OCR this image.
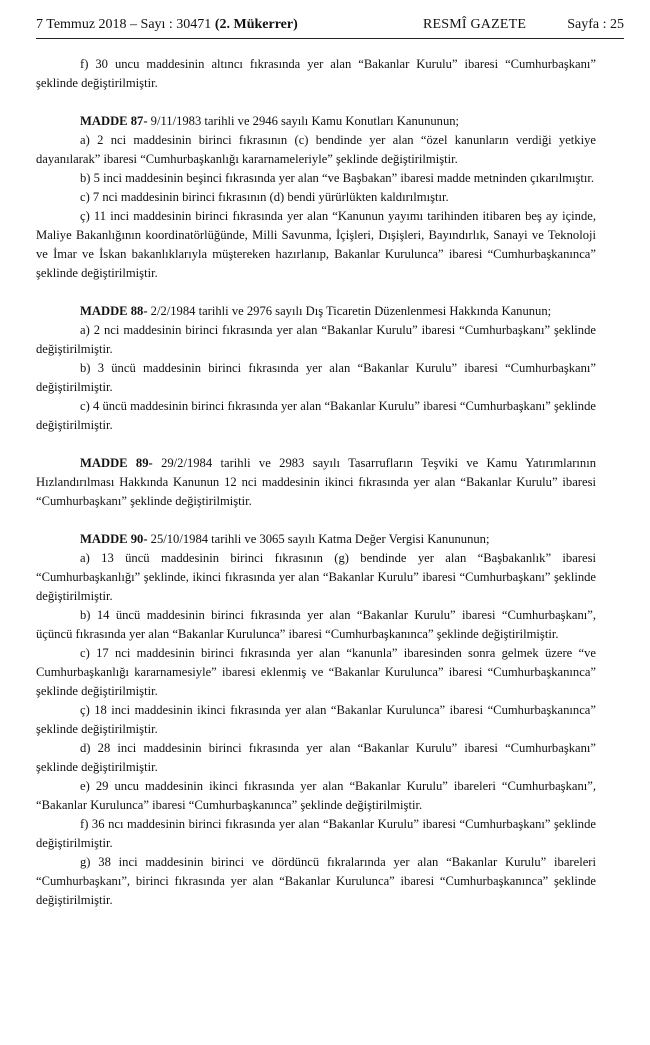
7 Temmuz 2018 – Sayı : 30471 (2. Mükerrer)	RESMÎ GAZETE	Sayfa : 25

f) 30 uncu maddesinin altıncı fıkrasında yer alan “Bakanlar Kurulu” ibaresi “Cumhurbaşkanı” şeklinde değiştirilmiştir.

MADDE 87- 9/11/1983 tarihli ve 2946 sayılı Kamu Konutları Kanununun;

a) 2 nci maddesinin birinci fıkrasının (c) bendinde yer alan “özel kanunların verdiği yetkiye dayanılarak” ibaresi “Cumhurbaşkanlığı kararnameleriyle” şeklinde değiştirilmiştir.

b) 5 inci maddesinin beşinci fıkrasında yer alan “ve Başbakan” ibaresi madde metninden çıkarılmıştır.

c) 7 nci maddesinin birinci fıkrasının (d) bendi yürürlükten kaldırılmıştır.

ç) 11 inci maddesinin birinci fıkrasında yer alan “Kanunun yayımı tarihinden itibaren beş ay içinde, Maliye Bakanlığının koordinatörlüğünde, Milli Savunma, İçişleri, Dışişleri, Bayındırlık, Sanayi ve Teknoloji ve İmar ve İskan bakanlıklarıyla müştereken hazırlanıp, Bakanlar Kurulunca” ibaresi “Cumhurbaşkanınca” şeklinde değiştirilmiştir.

MADDE 88- 2/2/1984 tarihli ve 2976 sayılı Dış Ticaretin Düzenlenmesi Hakkında Kanunun;

a) 2 nci maddesinin birinci fıkrasında yer alan “Bakanlar Kurulu” ibaresi “Cumhurbaşkanı” şeklinde değiştirilmiştir.

b) 3 üncü maddesinin birinci fıkrasında yer alan “Bakanlar Kurulu” ibaresi “Cumhurbaşkanı” değiştirilmiştir.

c) 4 üncü maddesinin birinci fıkrasında yer alan “Bakanlar Kurulu” ibaresi “Cumhurbaşkanı” şeklinde değiştirilmiştir.

MADDE 89- 29/2/1984 tarihli ve 2983 sayılı Tasarrufların Teşviki ve Kamu Yatırımlarının Hızlandırılması Hakkında Kanunun 12 nci maddesinin ikinci fıkrasında yer alan “Bakanlar Kurulu” ibaresi “Cumhurbaşkanı” şeklinde değiştirilmiştir.

MADDE 90- 25/10/1984 tarihli ve 3065 sayılı Katma Değer Vergisi Kanununun;

a) 13 üncü maddesinin birinci fıkrasının (g) bendinde yer alan “Başbakanlık” ibaresi “Cumhurbaşkanlığı” şeklinde, ikinci fıkrasında yer alan “Bakanlar Kurulu” ibaresi “Cumhurbaşkanı” şeklinde değiştirilmiştir.

b) 14 üncü maddesinin birinci fıkrasında yer alan “Bakanlar Kurulu” ibaresi “Cumhurbaşkanı”, üçüncü fıkrasında yer alan “Bakanlar Kurulunca” ibaresi “Cumhurbaşkanınca” şeklinde değiştirilmiştir.

c) 17 nci maddesinin birinci fıkrasında yer alan “kanunla” ibaresinden sonra gelmek üzere “ve Cumhurbaşkanlığı kararnamesiyle” ibaresi eklenmiş ve “Bakanlar Kurulunca” ibaresi “Cumhurbaşkanınca” şeklinde değiştirilmiştir.

ç) 18 inci maddesinin ikinci fıkrasında yer alan “Bakanlar Kurulunca” ibaresi “Cumhurbaşkanınca” şeklinde değiştirilmiştir.

d) 28 inci maddesinin birinci fıkrasında yer alan “Bakanlar Kurulu” ibaresi “Cumhurbaşkanı” şeklinde değiştirilmiştir.

e) 29 uncu maddesinin ikinci fıkrasında yer alan “Bakanlar Kurulu” ibareleri “Cumhurbaşkanı”, “Bakanlar Kurulunca” ibaresi “Cumhurbaşkanınca” şeklinde değiştirilmiştir.

f) 36 ncı maddesinin birinci fıkrasında yer alan “Bakanlar Kurulu” ibaresi “Cumhurbaşkanı” şeklinde değiştirilmiştir.

g) 38 inci maddesinin birinci ve dördüncü fıkralarında yer alan “Bakanlar Kurulu” ibareleri “Cumhurbaşkanı”, birinci fıkrasında yer alan “Bakanlar Kurulunca” ibaresi “Cumhurbaşkanınca” şeklinde değiştirilmiştir.
